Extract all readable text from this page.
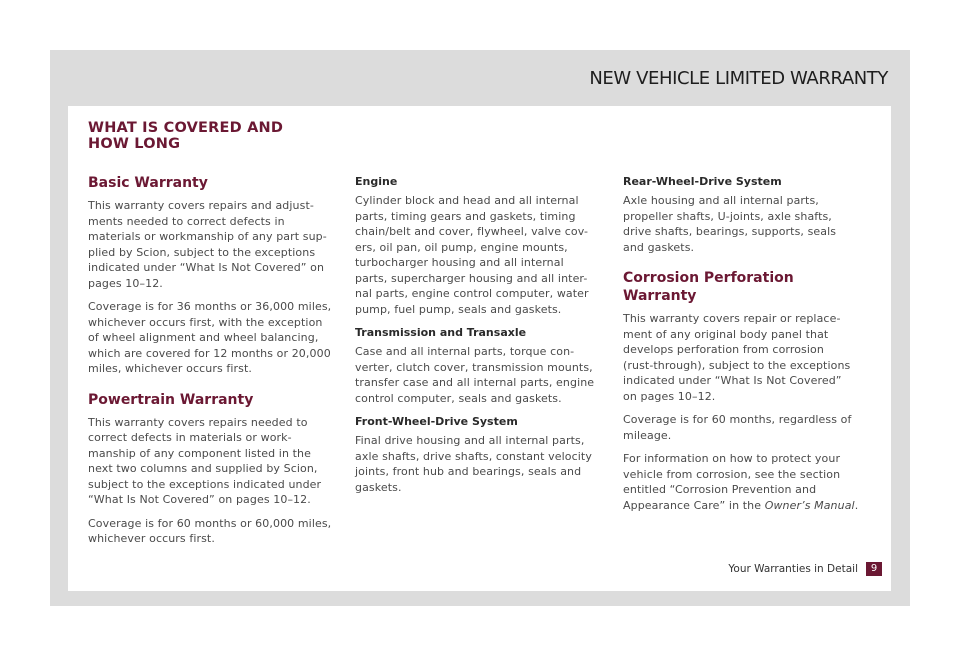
NEW VEHICLE LIMITED WARRANTY
WHAT IS COVERED AND
HOW LONG
Basic Warranty

This warranty covers repairs and adjust-
ments needed to correct defects in
materials or workmanship of any part sup-
plied by Scion, subject to the exceptions
indicated under “What Is Not Covered” on
pages 10–12.

Coverage is for 36 months or 36,000 miles,
whichever occurs first, with the exception
of wheel alignment and wheel balancing,
which are covered for 12 months or 20,000
miles, whichever occurs first.

Powertrain Warranty

This warranty covers repairs needed to
correct defects in materials or work-
manship of any component listed in the
next two columns and supplied by Scion,
subject to the exceptions indicated under
“What Is Not Covered” on pages 10–12.

Coverage is for 60 months or 60,000 miles,
whichever occurs first.

Engine

Cylinder block and head and all internal
parts, timing gears and gaskets, timing
chain/belt and cover, flywheel, valve cov-
ers, oil pan, oil pump, engine mounts,
turbocharger housing and all internal
parts, supercharger housing and all inter-
nal parts, engine control computer, water
pump, fuel pump, seals and gaskets.

Transmission and Transaxle

Case and all internal parts, torque con-
verter, clutch cover, transmission mounts,
transfer case and all internal parts, engine
control computer, seals and gaskets.

Front-Wheel-Drive System

Final drive housing and all internal parts,
axle shafts, drive shafts, constant velocity
joints, front hub and bearings, seals and
gaskets.

Rear-Wheel-Drive System

Axle housing and all internal parts,
propeller shafts, U-joints, axle shafts,
drive shafts, bearings, supports, seals
and gaskets.

Corrosion Perforation Warranty

This warranty covers repair or replace-
ment of any original body panel that
develops perforation from corrosion
(rust-through), subject to the exceptions
indicated under “What Is Not Covered”
on pages 10–12.

Coverage is for 60 months, regardless of
mileage.

For information on how to protect your
vehicle from corrosion, see the section
entitled “Corrosion Prevention and
Appearance Care” in the Owner’s Manual.

Your Warranties in Detail	9
